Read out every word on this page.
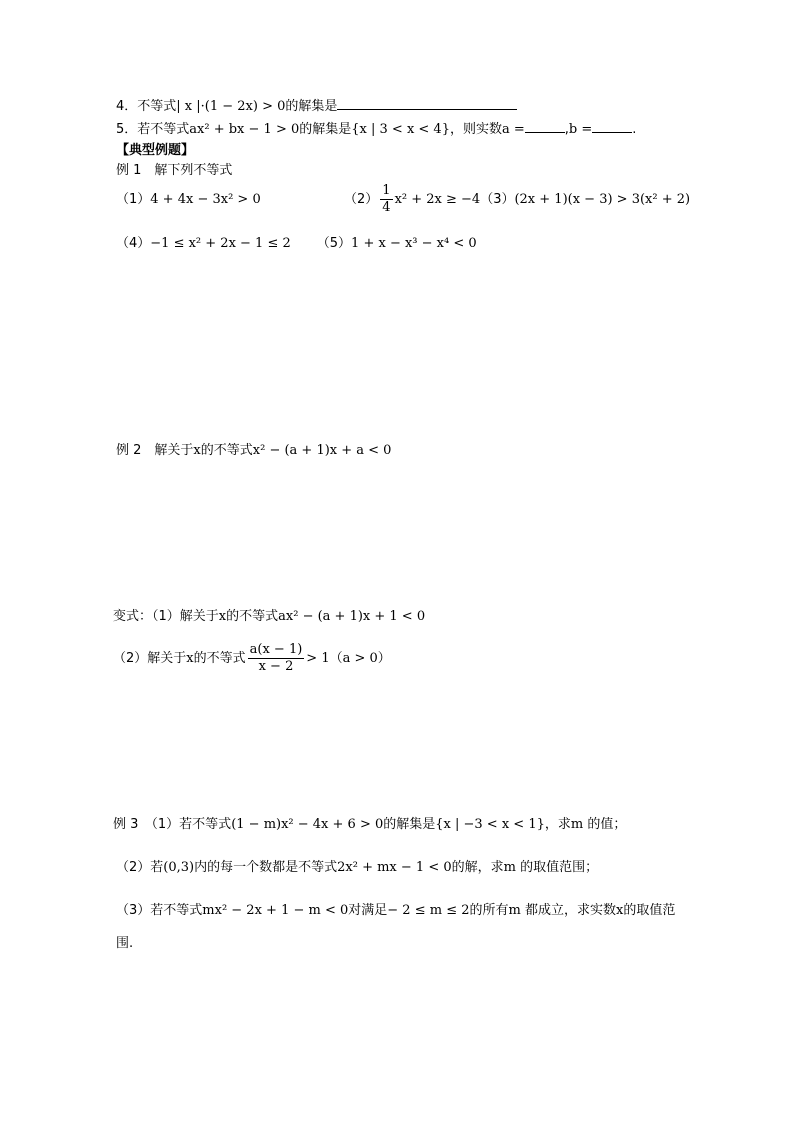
4．不等式| x |·(1 − 2x) > 0的解集是
5．若不等式ax² + bx − 1 > 0的解集是{x | 3 < x < 4}，则实数a =	,b =	.
【典型例题】
例 1　解下列不等式
（1）4 + 4x − 3x² > 0	$(2) \frac{1}{4} x^2 + 2x \ge -4(3)(2x + 1)(x - 3) > 3(x^2 + 2)$
（4）−1 ≤ x² + 2x − 1 ≤ 2 （5）1 + x − x³ − x⁴ < 0
例 2　解关于x的不等式x² − (a + 1)x + a < 0
变式：（1）解关于x的不等式ax² − (a + 1)x + 1 < 0
（2）解关于x的不等式 $\frac{a(x - 1)}{x - 2} > 1(a > 0)$
例 3　（1）若不等式(1 − m)x² − 4x + 6 > 0的解集是{x | −3 < x < 1}，求m 的值；
（2）若(0,3)内的每一个数都是不等式2x² + mx − 1 < 0的解，求m 的取值范围；
（3）若不等式mx² − 2x + 1 − m < 0对满足− 2 ≤ m ≤ 2的所有m 都成立，求实数x的取值范
围.
